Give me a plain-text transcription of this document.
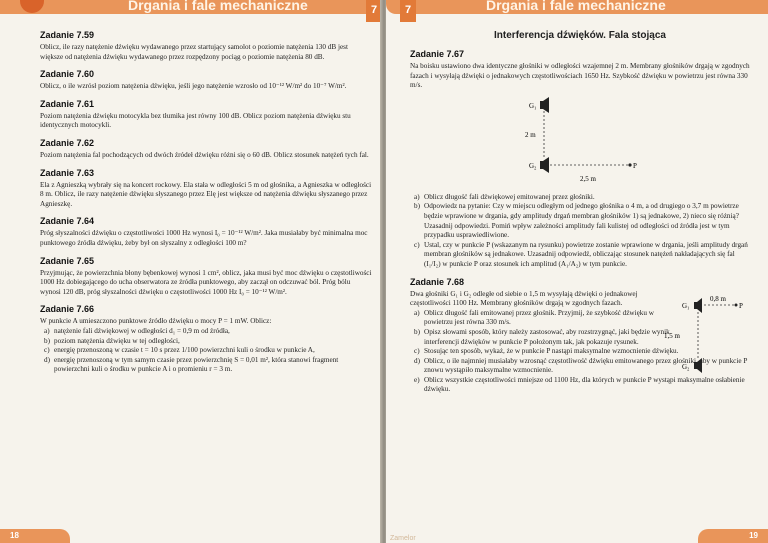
Drgania i fale mechaniczne	7
Zadanie 7.59

Oblicz, ile razy natężenie dźwięku wydawanego przez startujący samolot o poziomie natężenia 130 dB jest większe od natężenia dźwięku wydawanego przez rozpędzony pociąg o poziomie natężenia 80 dB.

Zadanie 7.60

Oblicz, o ile wzrósł poziom natężenia dźwięku, jeśli jego natężenie wzrosło od 10⁻¹² W/m² do 10⁻⁷ W/m².

Zadanie 7.61

Poziom natężenia dźwięku motocykla bez tłumika jest równy 100 dB. Oblicz poziom natężenia dźwięku stu identycznych motocykli.

Zadanie 7.62

Poziom natężenia fal pochodzących od dwóch źródeł dźwięku różni się o 60 dB. Oblicz stosunek natężeń tych fal.

Zadanie 7.63

Ela z Agnieszką wybrały się na koncert rockowy. Ela stała w odległości 5 m od głośnika, a Agnieszka w odległości 8 m. Oblicz, ile razy natężenie dźwięku słyszanego przez Elę jest większe od natężenia dźwięku słyszanego przez Agnieszkę.

Zadanie 7.64

Próg słyszalności dźwięku o częstotliwości 1000 Hz wynosi I₀ = 10⁻¹² W/m². Jaka musiałaby być minimalna moc punktowego źródła dźwięku, żeby był on słyszalny z odległości 100 m?

Zadanie 7.65

Przyjmując, że powierzchnia błony bębenkowej wynosi 1 cm², oblicz, jaka musi być moc dźwięku o częstotliwości 1000 Hz dobiegającego do ucha obserwatora ze źródła punktowego, aby zaczął on odczuwać ból. Próg bólu wynosi 120 dB, próg słyszalności dźwięku o częstotliwości 1000 Hz I₀ = 10⁻¹² W/m².

Zadanie 7.66

W punkcie A umieszczono punktowe źródło dźwięku o mocy P = 1 mW. Oblicz:

a) natężenie fali dźwiękowej w odległości d₁ = 0,9 m od źródła,
b) poziom natężenia dźwięku w tej odległości,
c) energię przenoszoną w czasie t = 10 s przez 1/100 powierzchni kuli o środku w punkcie A,
d) energię przenoszoną w tym samym czasie przez powierzchnię S = 0,01 m², która stanowi fragment powierzchni kuli o środku w punkcie A i o promieniu r = 3 m.
18
Drgania i fale mechaniczne
7
Interferencja dźwięków. Fala stojąca
Zadanie 7.67

Na boisku ustawiono dwa identyczne głośniki w odległości wzajemnej 2 m. Membrany głośników drgają w zgodnych fazach i wysyłają dźwięki o jednakowych częstotliwościach 1650 Hz. Szybkość dźwięku w powietrzu jest równa 330 m/s.

G₁
G₂
2 m
P
2,5 m
a) Oblicz długość fali dźwiękowej emitowanej przez głośniki.
b) Odpowiedz na pytanie: Czy w miejscu odległym od jednego głośnika o 4 m, a od drugiego o 3,7 m powietrze będzie wprawione w drgania, gdy amplitudy drgań membran głośników 1) są jednakowe, 2) nieco się różnią? Uzasadnij odpowiedzi. Pomiń wpływ zależności amplitudy fali kulistej od odległości od źródła jest w tym przypadku usprawiedliwione.
c) Ustal, czy w punkcie P (wskazanym na rysunku) powietrze zostanie wprawione w drgania, jeśli amplitudy drgań membran głośników są jednakowe. Uzasadnij odpowiedź, obliczając stosunek natężeń nakładających się fal (I₁/I₂) w punkcie P oraz stosunek ich amplitud (A₁/A₂) w tym punkcie.
Zadanie 7.68

Dwa głośniki G₁ i G₂ odległe od siebie o 1,5 m wysyłają dźwięki o jednakowej częstotliwości 1100 Hz. Membrany głośników drgają w zgodnych fazach.

a) Oblicz długość fali emitowanej przez głośnik. Przyjmij, że szybkość dźwięku w powietrzu jest równa 330 m/s.
b) Opisz słowami sposób, który należy zastosować, aby rozstrzygnąć, jaki będzie wynik interferencji dźwięków w punkcie P położonym tak, jak pokazuje rysunek.
G₁
G₂
P
0,8 m
1,5 m
c) Stosując ten sposób, wykaż, że w punkcie P nastąpi maksymalne wzmocnienie dźwięku.
d) Oblicz, o ile najmniej musiałaby wzrosnąć częstotliwość dźwięku emitowanego przez głośniki, aby w punkcie P znowu wystąpiło maksymalne wzmocnienie.
e) Oblicz wszystkie częstotliwości mniejsze od 1100 Hz, dla których w punkcie P wystąpi maksymalne osłabienie dźwięku.
Zamelor	19
